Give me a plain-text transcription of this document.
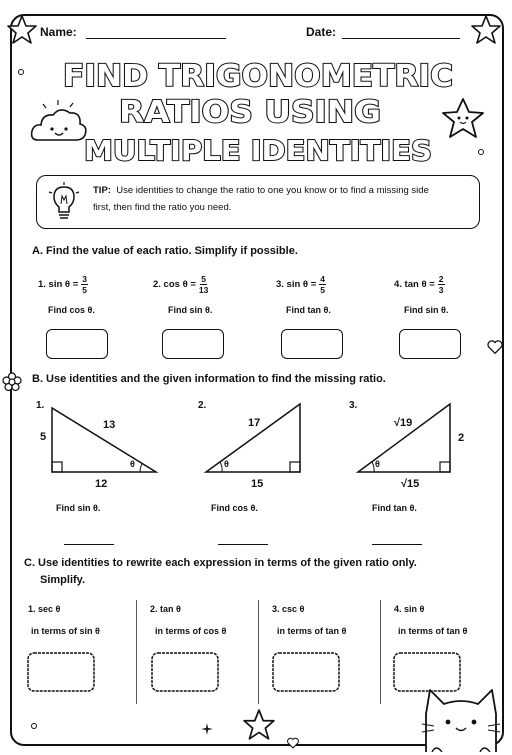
Name:	Date:
FIND TRIGONOMETRIC
RATIOS USING
MULTIPLE IDENTITIES
TIP: Use identities to change the ratio to one you know or to find a missing side
first, then find the ratio you need.
A. Find the value of each ratio. Simplify if possible.
1. $\sin \theta = \frac{3}{5}$	2. $\cos \theta = \frac{5}{13}$	3. $\sin \theta = \frac{4}{5}$	4. $\tan \theta = \frac{2}{3}$
Find cos θ.	Find sin θ.	Find tan θ.	Find sin θ.
B. Use identities and the given information to find the missing ratio.
1.
5
13
12
θ
Find sin θ.
2.
17
15
θ
Find cos θ.
3.
√19
2
√15
θ
Find tan θ.
C. Use identities to rewrite each expression in terms of the given ratio only.
Simplify.
1. sec θ	2. tan θ	3. csc θ	4. sin θ
in terms of sin θ	in terms of cos θ	in terms of tan θ	in terms of tan θ
